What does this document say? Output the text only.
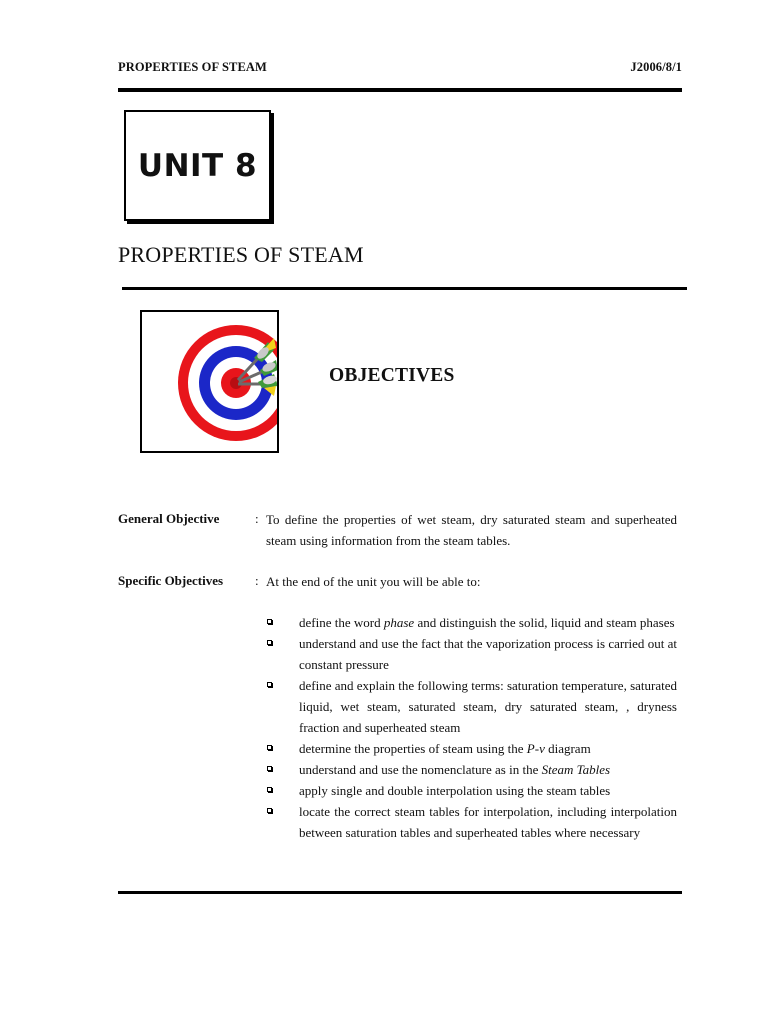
PROPERTIES OF STEAM	J2006/8/1
UNIT 8
PROPERTIES OF STEAM
OBJECTIVES
General Objective	: To define the properties of wet steam, dry saturated steam and superheated steam using information from the steam tables.
Specific Objectives : At the end of the unit you will be able to:
define the word phase and distinguish the solid, liquid and steam phases
understand and use the fact that the vaporization process is carried out at constant pressure
define and explain the following terms: saturation temperature, saturated liquid, wet steam, saturated steam, dry saturated steam, , dryness fraction and superheated steam
determine the properties of steam using the P-v diagram
understand and use the nomenclature as in the Steam Tables
apply single and double interpolation using the steam tables
locate the correct steam tables for interpolation, including interpolation between saturation tables and superheated tables where necessary
